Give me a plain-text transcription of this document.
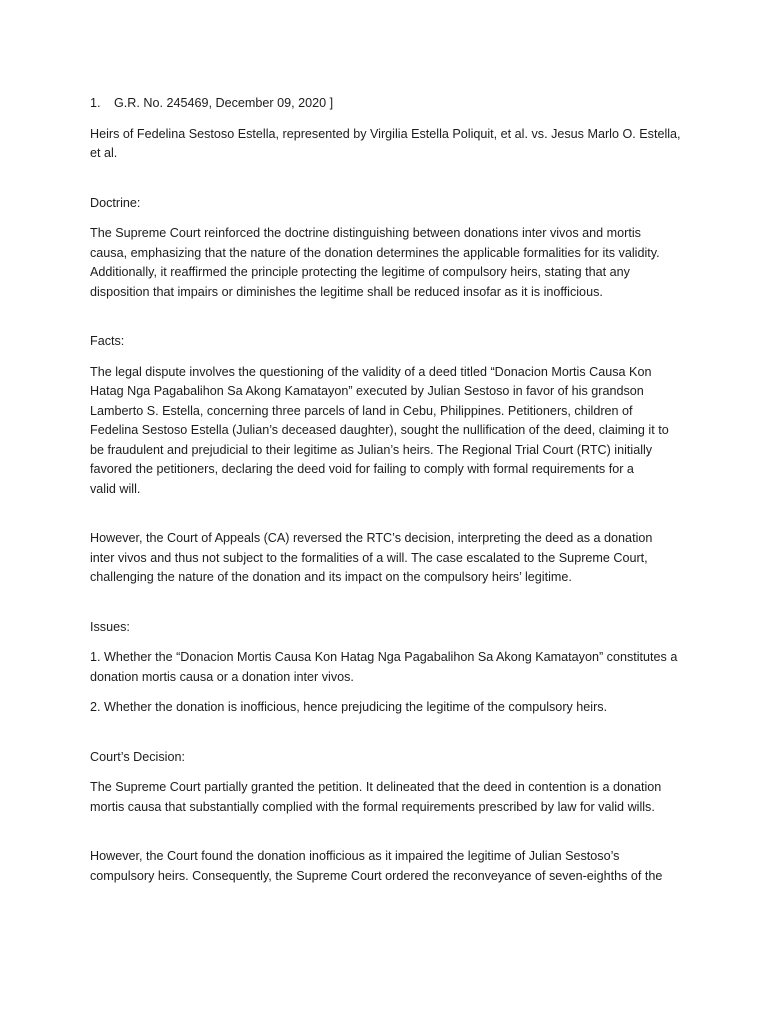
1. G.R. No. 245469, December 09, 2020 ]

Heirs of Fedelina Sestoso Estella, represented by Virgilia Estella Poliquit, et al. vs. Jesus Marlo O. Estella,
et al.

Doctrine:

The Supreme Court reinforced the doctrine distinguishing between donations inter vivos and mortis
causa, emphasizing that the nature of the donation determines the applicable formalities for its validity.
Additionally, it reaffirmed the principle protecting the legitime of compulsory heirs, stating that any
disposition that impairs or diminishes the legitime shall be reduced insofar as it is inofficious.

Facts:

The legal dispute involves the questioning of the validity of a deed titled “Donacion Mortis Causa Kon
Hatag Nga Pagabalihon Sa Akong Kamatayon” executed by Julian Sestoso in favor of his grandson
Lamberto S. Estella, concerning three parcels of land in Cebu, Philippines. Petitioners, children of
Fedelina Sestoso Estella (Julian’s deceased daughter), sought the nullification of the deed, claiming it to
be fraudulent and prejudicial to their legitime as Julian’s heirs. The Regional Trial Court (RTC) initially
favored the petitioners, declaring the deed void for failing to comply with formal requirements for a
valid will.

However, the Court of Appeals (CA) reversed the RTC’s decision, interpreting the deed as a donation
inter vivos and thus not subject to the formalities of a will. The case escalated to the Supreme Court,
challenging the nature of the donation and its impact on the compulsory heirs’ legitime.

Issues:

1. Whether the “Donacion Mortis Causa Kon Hatag Nga Pagabalihon Sa Akong Kamatayon” constitutes a
donation mortis causa or a donation inter vivos.

2. Whether the donation is inofficious, hence prejudicing the legitime of the compulsory heirs.

Court’s Decision:

The Supreme Court partially granted the petition. It delineated that the deed in contention is a donation
mortis causa that substantially complied with the formal requirements prescribed by law for valid wills.

However, the Court found the donation inofficious as it impaired the legitime of Julian Sestoso’s
compulsory heirs. Consequently, the Supreme Court ordered the reconveyance of seven-eighths of the
